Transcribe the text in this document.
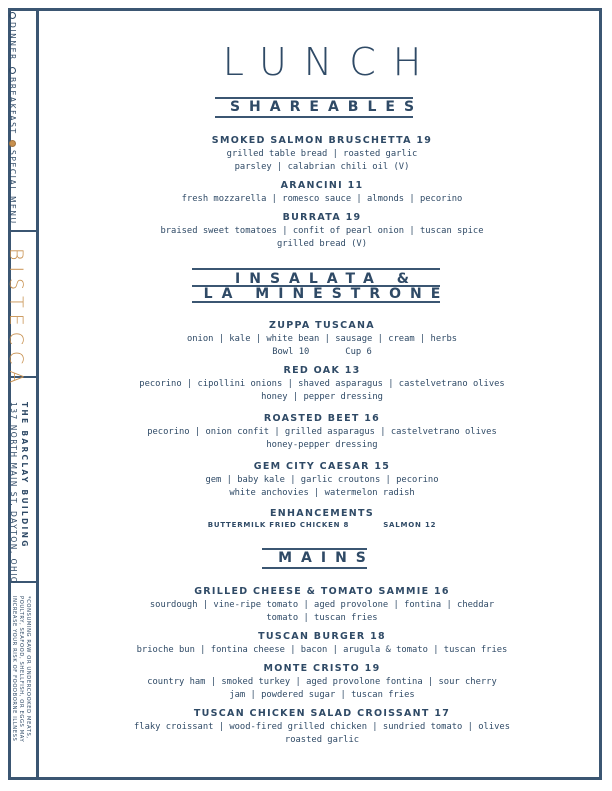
DINNER
BREAKFAST
SPECIAL MENU
BISTECCA
THE BARCLAY BUILDING
137 NORTH MAIN ST. DAYTON, OHIO
*CONSUMING RAW OR UNDERCOOKED MEATS,
POULTRY, SEAFOOD, SHELLFISH, OR EGGS MAY
INCREASE YOUR RISK OF FOODBORNE ILLNESS
LUNCH
SHAREABLES
SMOKED SALMON BRUSCHETTA 19
grilled table bread | roasted garlic
parsley | calabrian chili oil (V)
ARANCINI 11
fresh mozzarella | romesco sauce | almonds | pecorino
BURRATA 19
braised sweet tomatoes | confit of pearl onion | tuscan spice
grilled bread (V)
INSALATA &
LA MINESTRONE
ZUPPA TUSCANA
onion | kale | white bean | sausage | cream | herbs
Bowl 10	Cup 6
RED OAK 13
pecorino | cipollini onions | shaved asparagus | castelvetrano olives
honey | pepper dressing
ROASTED BEET 16
pecorino | onion confit | grilled asparagus | castelvetrano olives
honey-pepper dressing
GEM CITY CAESAR 15
gem | baby kale | garlic croutons | pecorino
white anchovies | watermelon radish
ENHANCEMENTS
BUTTERMILK FRIED CHICKEN 8	SALMON 12
MAINS
GRILLED CHEESE & TOMATO SAMMIE 16
sourdough | vine-ripe tomato | aged provolone | fontina | cheddar
tomato | tuscan fries
TUSCAN BURGER 18
brioche bun | fontina cheese | bacon | arugula & tomato | tuscan fries
MONTE CRISTO 19
country ham | smoked turkey | aged provolone fontina | sour cherry
jam | powdered sugar | tuscan fries
TUSCAN CHICKEN SALAD CROISSANT 17
flaky croissant | wood-fired grilled chicken | sundried tomato | olives
roasted garlic
